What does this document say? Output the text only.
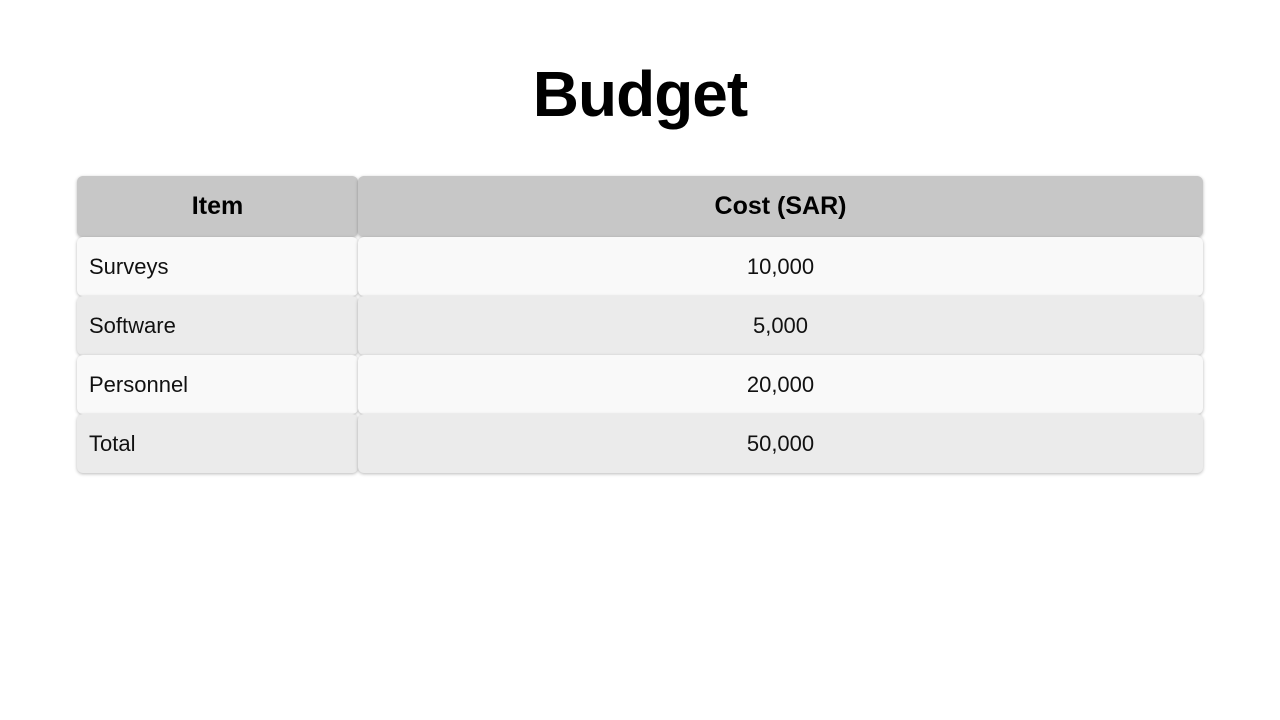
Budget
Item	Cost (SAR)
Surveys	10,000
Software	5,000
Personnel	20,000
Total	50,000
